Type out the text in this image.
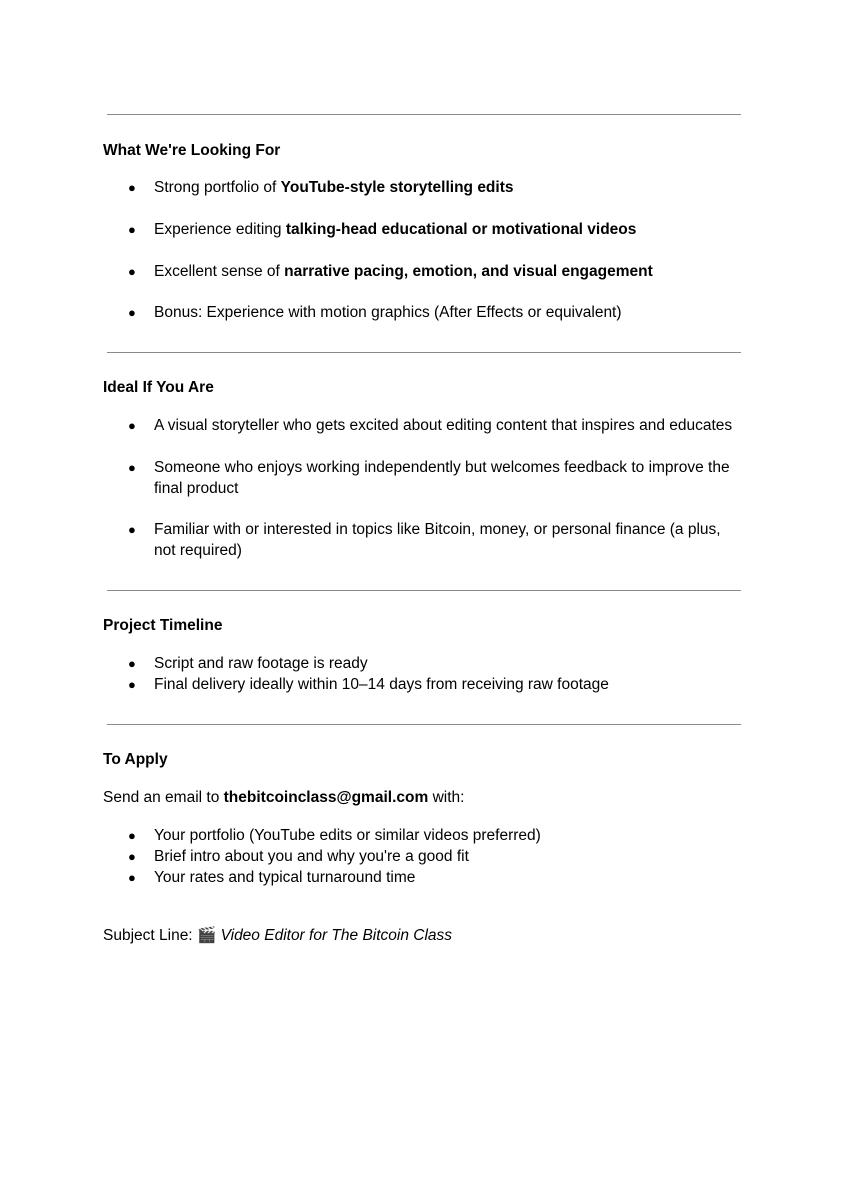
What We're Looking For
●	Strong portfolio of YouTube-style storytelling edits
●	Experience editing talking-head educational or motivational videos
●	Excellent sense of narrative pacing, emotion, and visual engagement
●	Bonus: Experience with motion graphics (After Effects or equivalent)
Ideal If You Are
●	A visual storyteller who gets excited about editing content that inspires and educates
●	Someone who enjoys working independently but welcomes feedback to improve the final product
●	Familiar with or interested in topics like Bitcoin, money, or personal finance (a plus, not required)
Project Timeline
●	Script and raw footage is ready
●	Final delivery ideally within 10–14 days from receiving raw footage
To Apply
Send an email to thebitcoinclass@gmail.com with:
●	Your portfolio (YouTube edits or similar videos preferred)
●	Brief intro about you and why you're a good fit
●	Your rates and typical turnaround time
Subject Line: 🎬 Video Editor for The Bitcoin Class
